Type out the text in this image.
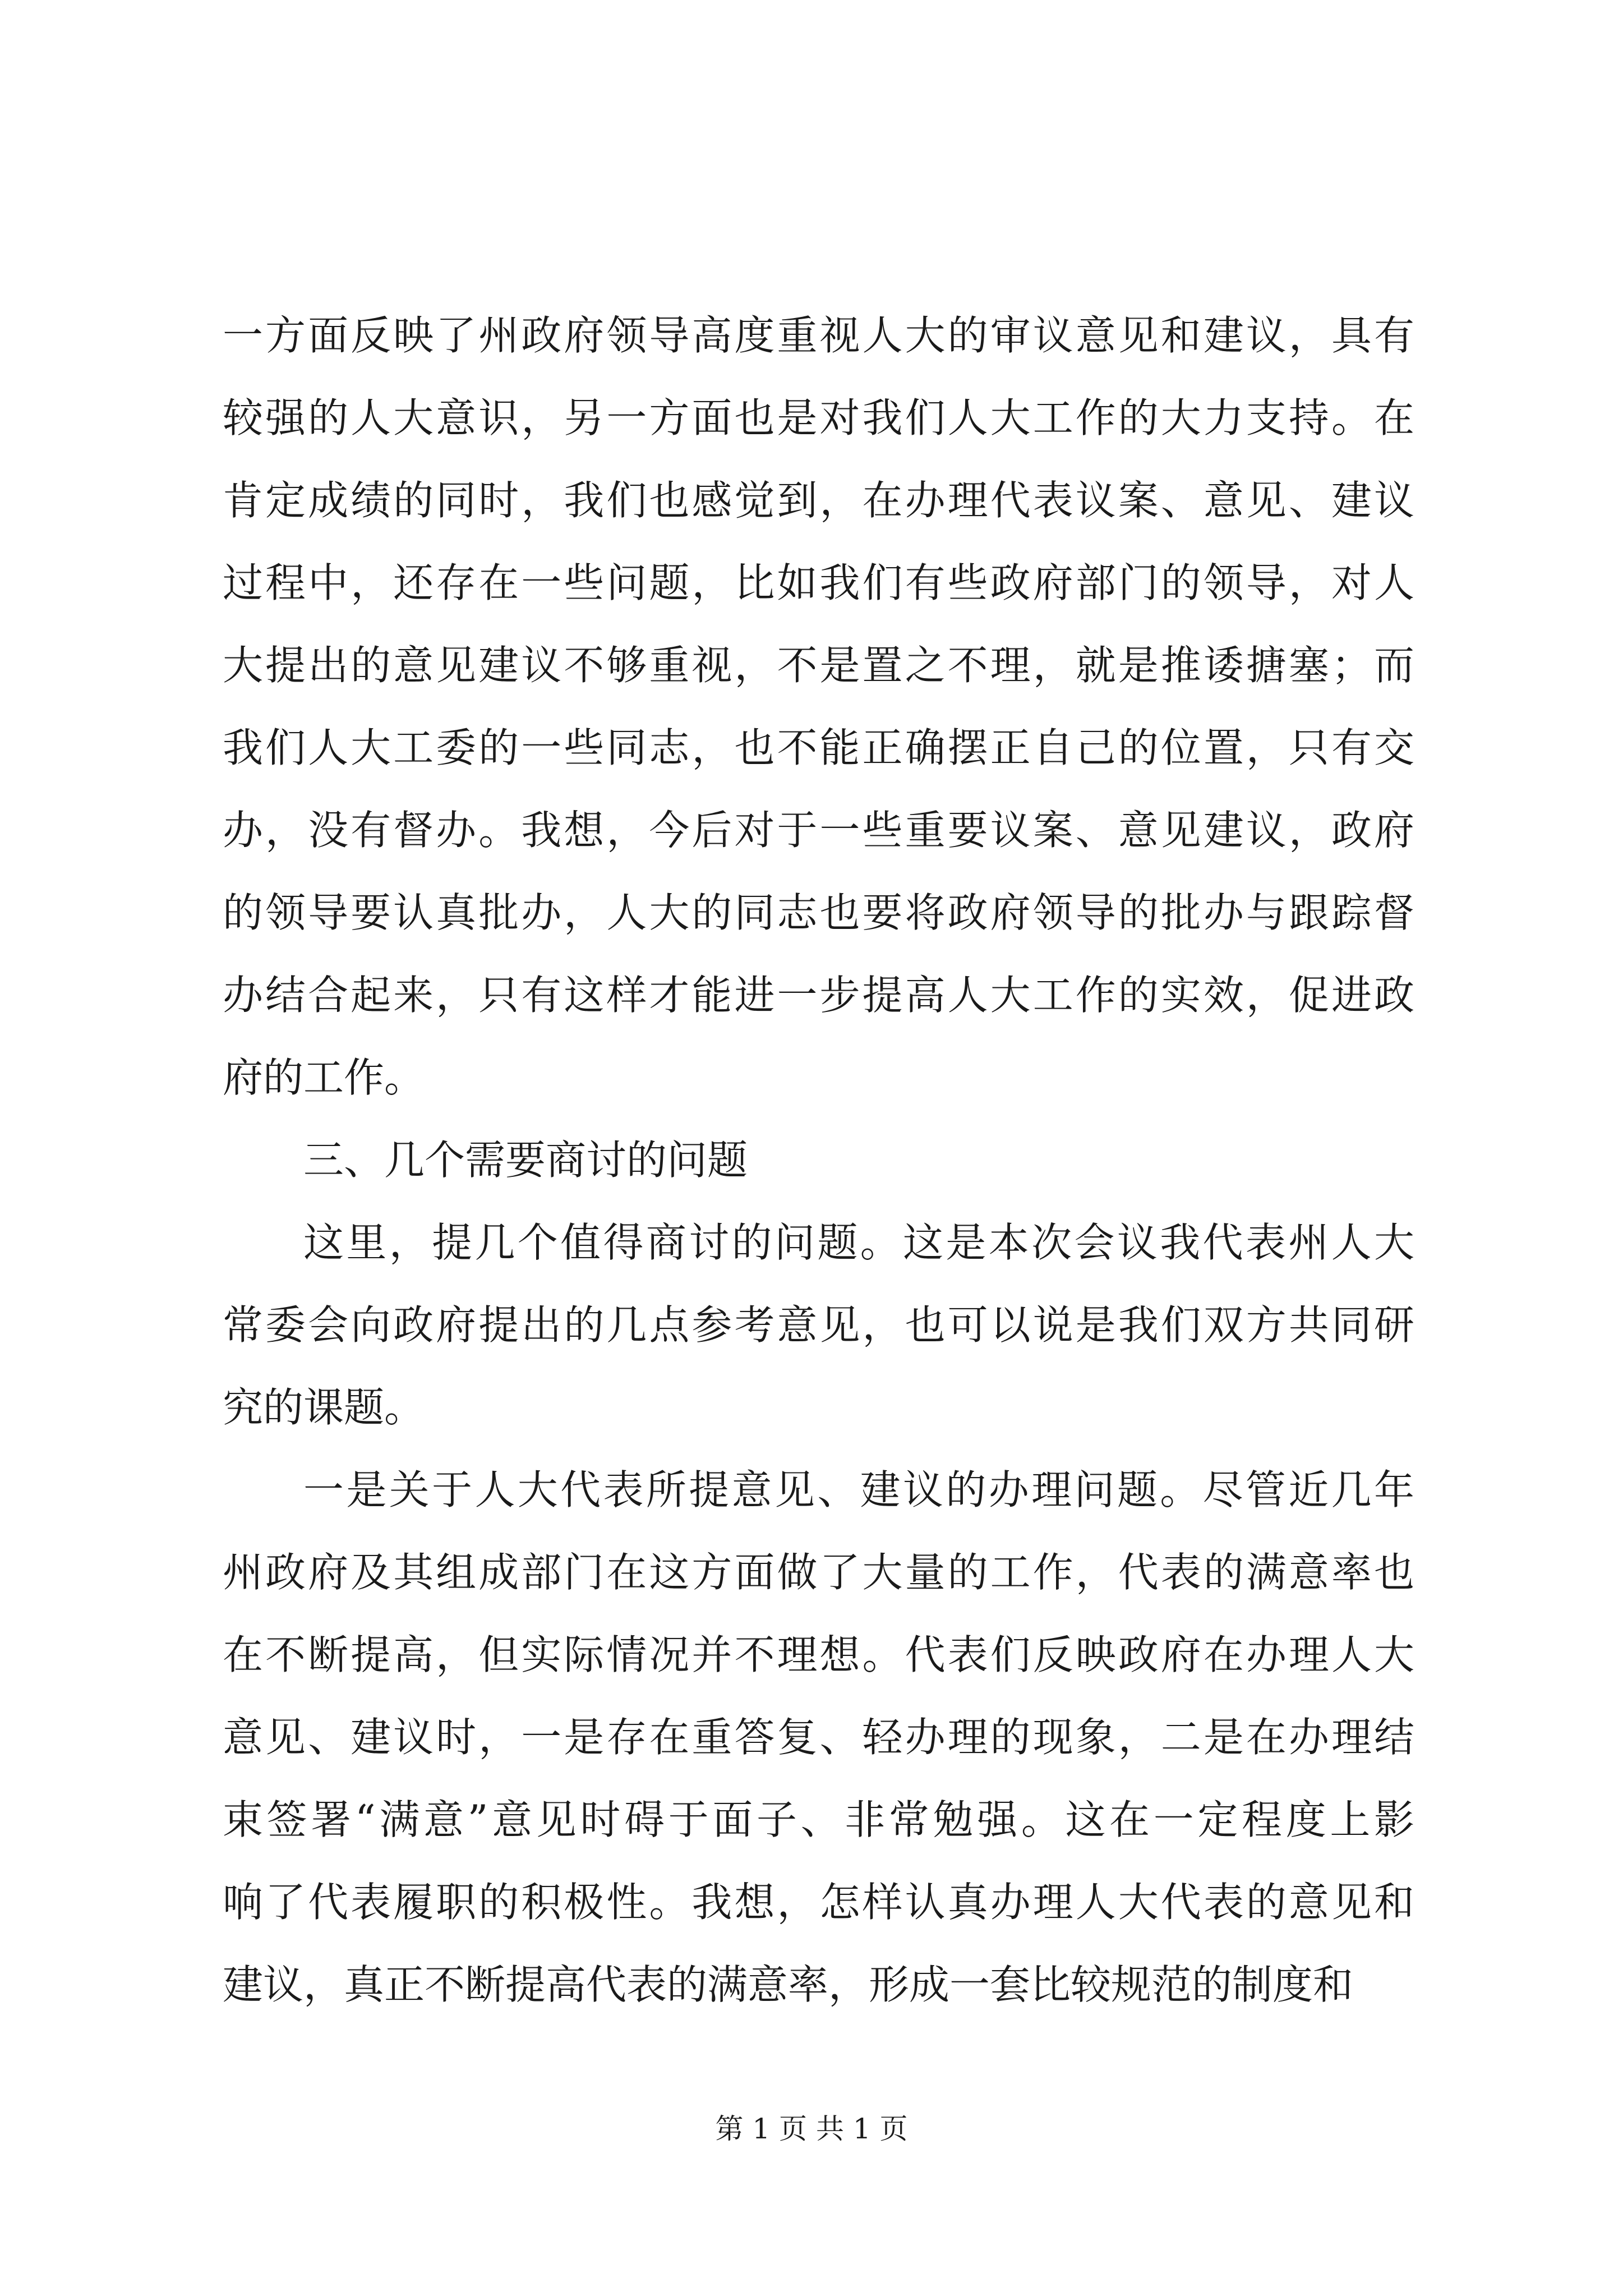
一方面反映了州政府领导高度重视人大的审议意见和建议，具有
较强的人大意识，另一方面也是对我们人大工作的大力支持。在
肯定成绩的同时，我们也感觉到，在办理代表议案、意见、建议
过程中，还存在一些问题，比如我们有些政府部门的领导，对人
大提出的意见建议不够重视，不是置之不理，就是推诿搪塞；而
我们人大工委的一些同志，也不能正确摆正自己的位置，只有交
办，没有督办。我想，今后对于一些重要议案、意见建议，政府
的领导要认真批办，人大的同志也要将政府领导的批办与跟踪督
办结合起来，只有这样才能进一步提高人大工作的实效，促进政
府的工作。
三、几个需要商讨的问题
这里，提几个值得商讨的问题。这是本次会议我代表州人大
常委会向政府提出的几点参考意见，也可以说是我们双方共同研
究的课题。
一是关于人大代表所提意见、建议的办理问题。尽管近几年
州政府及其组成部门在这方面做了大量的工作，代表的满意率也
在不断提高，但实际情况并不理想。代表们反映政府在办理人大
意见、建议时，一是存在重答复、轻办理的现象，二是在办理结
束签署“满意”意见时碍于面子、非常勉强。这在一定程度上影
响了代表履职的积极性。我想，怎样认真办理人大代表的意见和
建议，真正不断提高代表的满意率，形成一套比较规范的制度和
第 1 页 共 1 页
